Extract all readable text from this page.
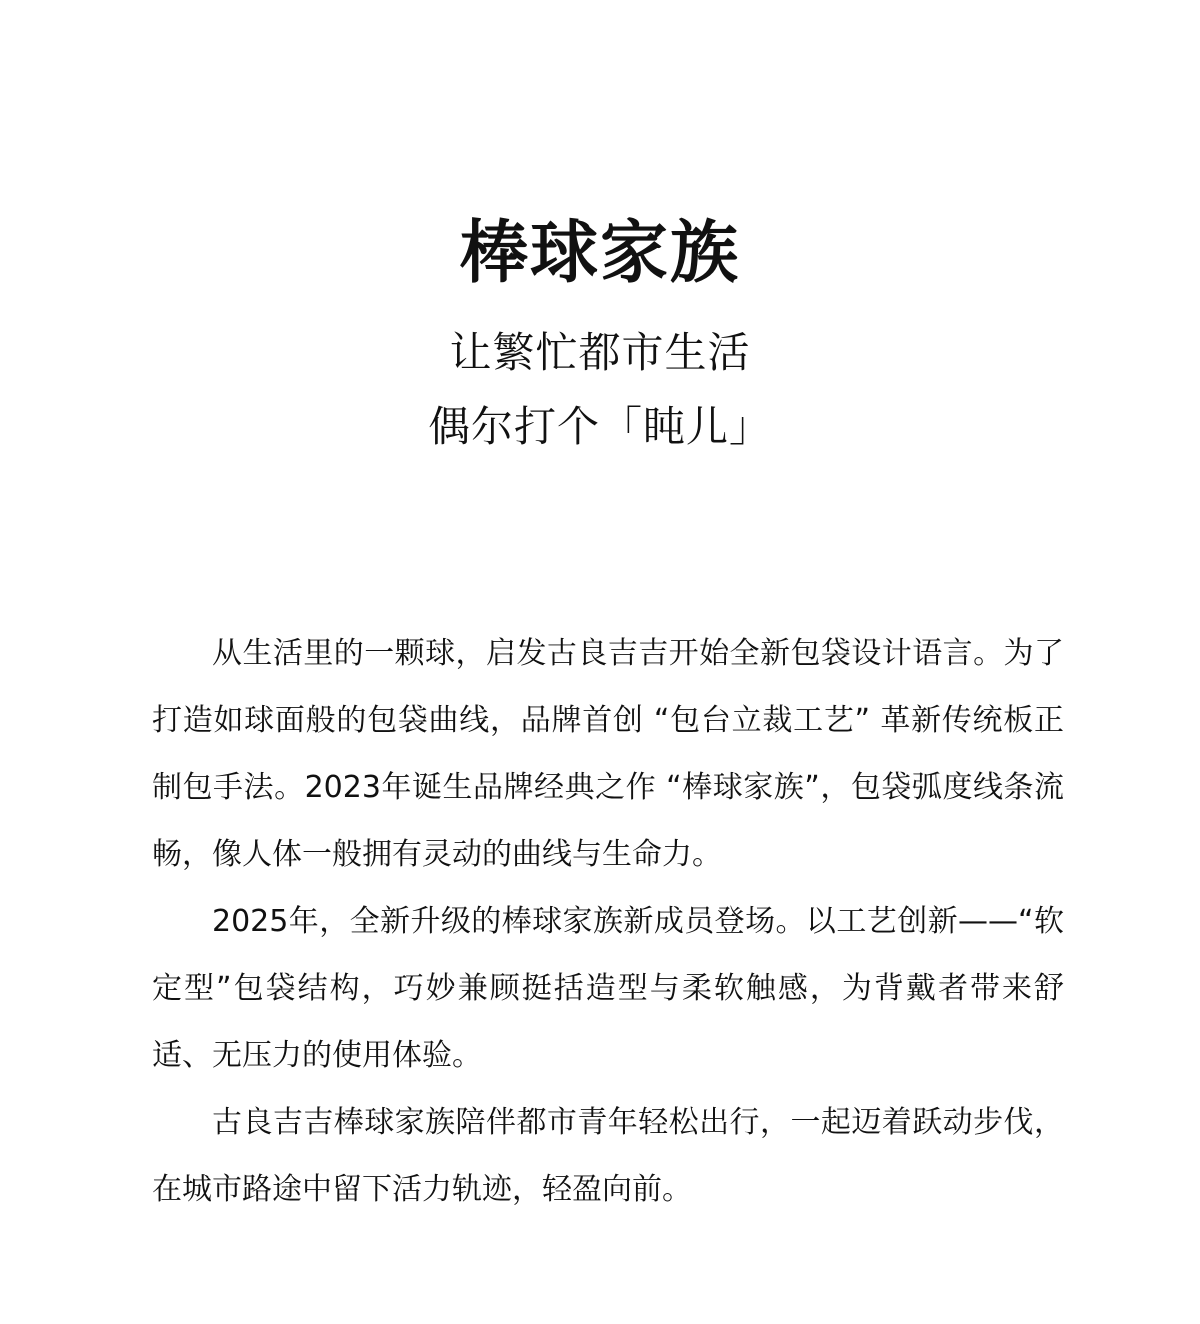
棒球家族

让繁忙都市生活

偶尔打个「盹儿」

从生活里的一颗球，启发古良吉吉开始全新包袋设计语言。为了打造如球面般的包袋曲线，品牌首创 “包台立裁工艺” 革新传统板正制包手法。2023年诞生品牌经典之作 “棒球家族”，包袋弧度线条流畅，像人体一般拥有灵动的曲线与生命力。

2025年，全新升级的棒球家族新成员登场。以工艺创新——“软定型”包袋结构，巧妙兼顾挺括造型与柔软触感，为背戴者带来舒适、无压力的使用体验。

古良吉吉棒球家族陪伴都市青年轻松出行，一起迈着跃动步伐，在城市路途中留下活力轨迹，轻盈向前。
